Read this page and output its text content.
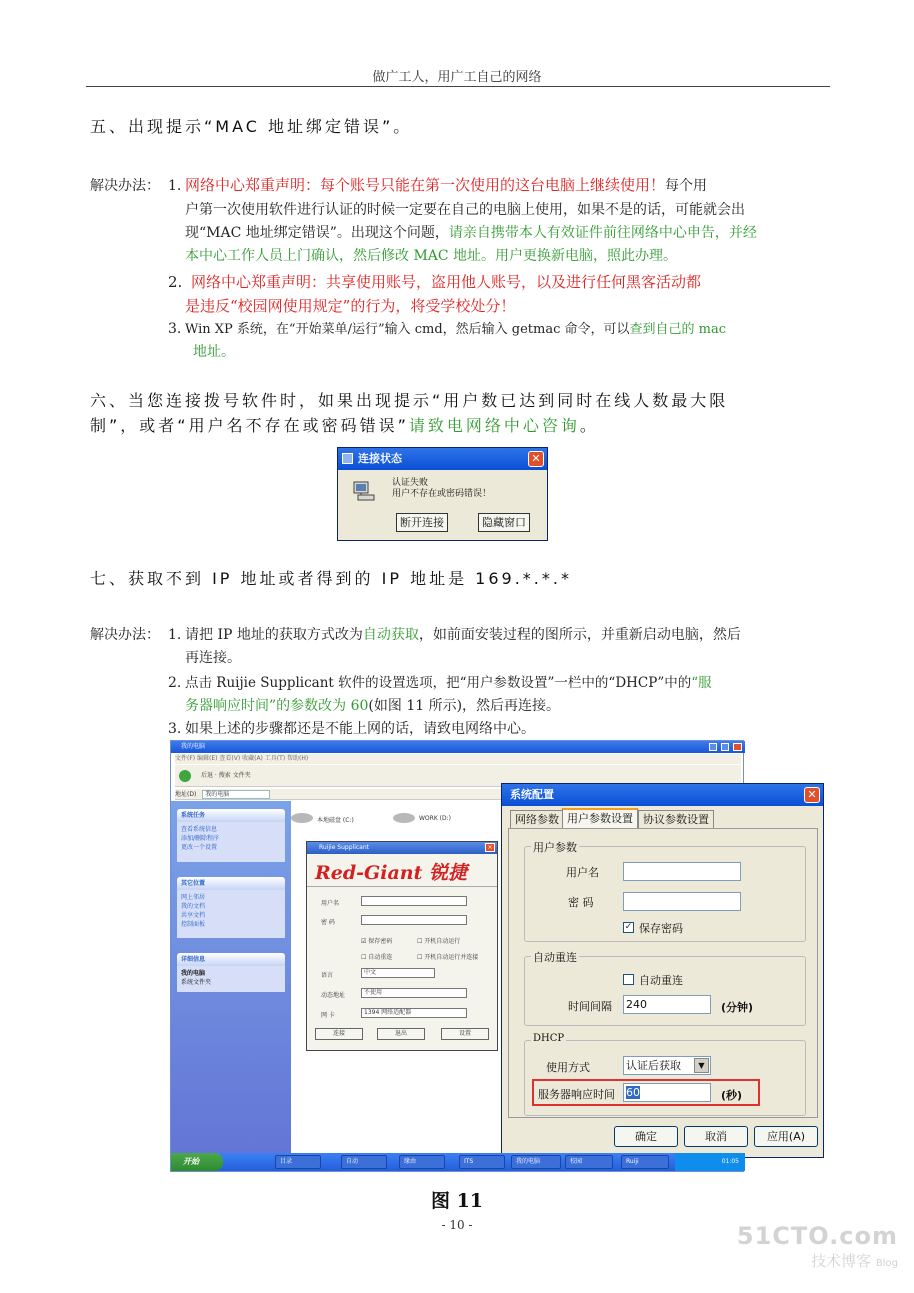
做广工人，用广工自己的网络
五、出现提示“MAC 地址绑定错误”。
解决办法： 1. 网络中心郑重声明：每个账号只能在第一次使用的这台电脑上继续使用！每个用
户第一次使用软件进行认证的时候一定要在自己的电脑上使用，如果不是的话，可能就会出
现“MAC 地址绑定错误”。出现这个问题，请亲自携带本人有效证件前往网络中心申告，并经
本中心工作人员上门确认，然后修改 MAC 地址。用户更换新电脑，照此办理。
2. 网络中心郑重声明：共享使用账号，盗用他人账号，以及进行任何黑客活动都
是违反“校园网使用规定”的行为，将受学校处分！
3. Win XP 系统，在“开始菜单/运行”输入 cmd，然后输入 getmac 命令，可以查到自己的 mac
地址。
六、当您连接拨号软件时，如果出现提示“用户数已达到同时在线人数最大限
制”，或者“用户名不存在或密码错误”请致电网络中心咨询。
连接状态	✕
认证失败
用户不存在或密码错误！
断开连接	隐藏窗口
七、获取不到 IP 地址或者得到的 IP 地址是 169.*.*.*
解决办法： 1. 请把 IP 地址的获取方式改为自动获取，如前面安装过程的图所示，并重新启动电脑，然后
再连接。
2. 点击 Ruijie Supplicant 软件的设置选项，把“用户参数设置”一栏中的“DHCP”中的“服
务器响应时间”的参数改为 60(如图 11 所示)，然后再连接。
3. 如果上述的步骤都还是不能上网的话，请致电网络中心。
我的电脑
文件(F) 编辑(E) 查看(V) 收藏(A) 工具(T) 帮助(H)
后退 · 搜索 文件夹
地址(D) 我的电脑
系统任务
查看系统信息
添加/删除程序
更改一个设置
其它位置
网上邻居
我的文档
共享文档
控制面板
详细信息
我的电脑
系统文件夹
本地磁盘 (C:)	WORK (D:)
Ruijie Supplicant	×
Red-Giant 锐捷
用户名
密 码
☑ 保存密码	☐ 开机自动运行
☐ 自动重连	☐ 开机自动运行并连接
语言	中文
动态地址	不使用
网 卡	1394 网络适配器
连接	退出	设置
系统配置	✕
网络参数 用户参数设置 协议参数设置
用户参数
用户名
密 码
✓ 保存密码
自动重连
自动重连
时间间隔 240	(分钟)
DHCP
使用方式	认证后获取	▼
服务器响应时间 60	(秒)
确定	取消	应用(A)
开始	目录	自动	缘由	ITS	我的电脑	校园	Ruiji	01:05
图 11
- 10 -	51CTO.com
技术博客 Blog
